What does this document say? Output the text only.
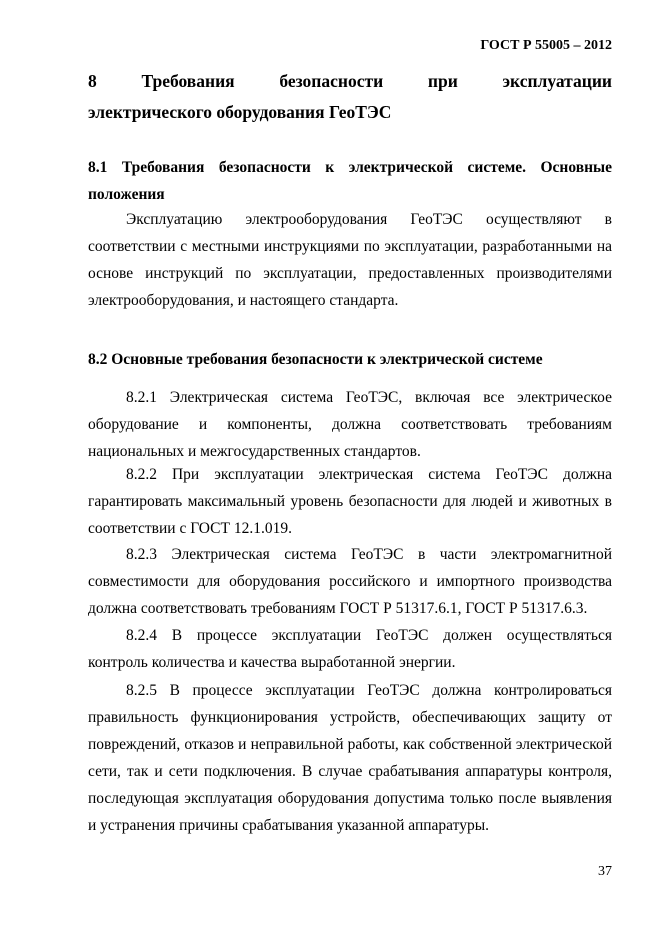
ГОСТ Р 55005 – 2012
8 Требования безопасности при эксплуатации
электрического оборудования ГеоТЭС
8.1 Требования безопасности к электрической системе. Основные
положения
Эксплуатацию электрооборудования ГеоТЭС осуществляют в
соответствии с местными инструкциями по эксплуатации, разработанными на
основе инструкций по эксплуатации, предоставленных производителями
электрооборудования, и настоящего стандарта.
8.2 Основные требования безопасности к электрической системе
8.2.1 Электрическая система ГеоТЭС, включая все электрическое
оборудование и компоненты, должна соответствовать требованиям
национальных и межгосударственных стандартов.
8.2.2 При эксплуатации электрическая система ГеоТЭС должна
гарантировать максимальный уровень безопасности для людей и животных в
соответствии с ГОСТ 12.1.019.
8.2.3 Электрическая система ГеоТЭС в части электромагнитной
совместимости для оборудования российского и импортного производства
должна соответствовать требованиям ГОСТ Р 51317.6.1, ГОСТ Р 51317.6.3.
8.2.4 В процессе эксплуатации ГеоТЭС должен осуществляться
контроль количества и качества выработанной энергии.
8.2.5 В процессе эксплуатации ГеоТЭС должна контролироваться
правильность функционирования устройств, обеспечивающих защиту от
повреждений, отказов и неправильной работы, как собственной электрической
сети, так и сети подключения. В случае срабатывания аппаратуры контроля,
последующая эксплуатация оборудования допустима только после выявления
и устранения причины срабатывания указанной аппаратуры.
37
